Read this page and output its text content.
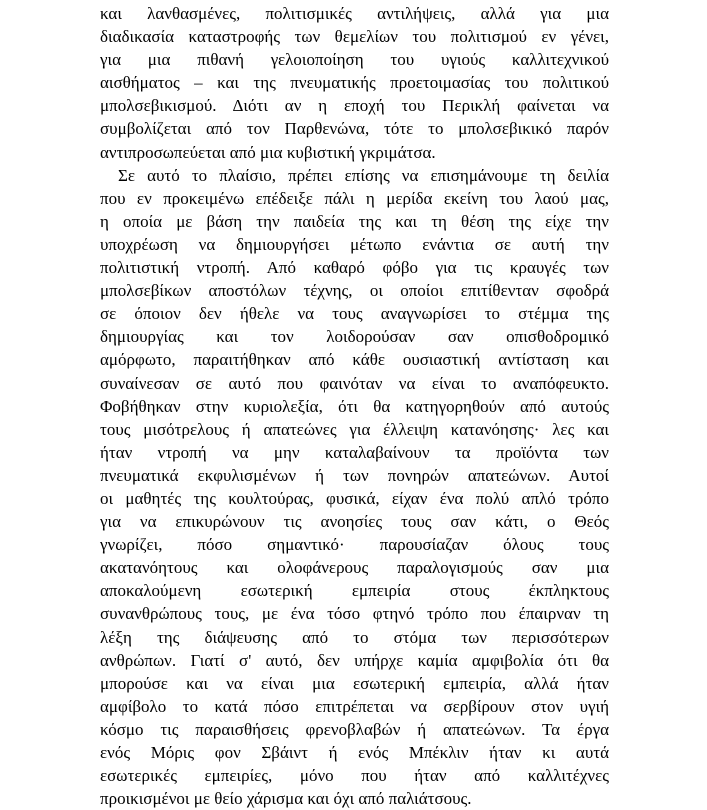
και λανθασμένες, πολιτισμικές αντιλήψεις, αλλά για μια
διαδικασία καταστροφής των θεμελίων του πολιτισμού εν γένει,
για μια πιθανή γελοιοποίηση του υγιούς καλλιτεχνικού
αισθήματος – και της πνευματικής προετοιμασίας του πολιτικού
μπολσεβικισμού. Διότι αν η εποχή του Περικλή φαίνεται να
συμβολίζεται από τον Παρθενώνα, τότε το μπολσεβικικό παρόν
αντιπροσωπεύεται από μια κυβιστική γκριμάτσα.
Σε αυτό το πλαίσιο, πρέπει επίσης να επισημάνουμε τη δειλία
που εν προκειμένω επέδειξε πάλι η μερίδα εκείνη του λαού μας,
η οποία με βάση την παιδεία της και τη θέση της είχε την
υποχρέωση να δημιουργήσει μέτωπο ενάντια σε αυτή την
πολιτιστική ντροπή. Από καθαρό φόβο για τις κραυγές των
μπολσεβίκων αποστόλων τέχνης, οι οποίοι επιτίθενταν σφοδρά
σε όποιον δεν ήθελε να τους αναγνωρίσει το στέμμα της
δημιουργίας και τον λοιδορούσαν σαν οπισθοδρομικό
αμόρφωτο, παραιτήθηκαν από κάθε ουσιαστική αντίσταση και
συναίνεσαν σε αυτό που φαινόταν να είναι το αναπόφευκτο.
Φοβήθηκαν στην κυριολεξία, ότι θα κατηγορηθούν από αυτούς
τους μισότρελους ή απατεώνες για έλλειψη κατανόησης· λες και
ήταν ντροπή να μην καταλαβαίνουν τα προϊόντα των
πνευματικά εκφυλισμένων ή των πονηρών απατεώνων. Αυτοί
οι μαθητές της κουλτούρας, φυσικά, είχαν ένα πολύ απλό τρόπο
για να επικυρώνουν τις ανοησίες τους σαν κάτι, ο Θεός
γνωρίζει, πόσο σημαντικό· παρουσίαζαν όλους τους
ακατανόητους και ολοφάνερους παραλογισμούς σαν μια
αποκαλούμενη εσωτερική εμπειρία στους έκπληκτους
συνανθρώπους τους, με ένα τόσο φτηνό τρόπο που έπαιρναν τη
λέξη της διάψευσης από το στόμα των περισσότερων
ανθρώπων. Γιατί σ' αυτό, δεν υπήρχε καμία αμφιβολία ότι θα
μπορούσε και να είναι μια εσωτερική εμπειρία, αλλά ήταν
αμφίβολο το κατά πόσο επιτρέπεται να σερβίρουν στον υγιή
κόσμο τις παραισθήσεις φρενοβλαβών ή απατεώνων. Τα έργα
ενός Μόρις φον Σβάιντ ή ενός Μπέκλιν ήταν κι αυτά
εσωτερικές εμπειρίες, μόνο που ήταν από καλλιτέχνες
προικισμένοι με θείο χάρισμα και όχι από παλιάτσους.
